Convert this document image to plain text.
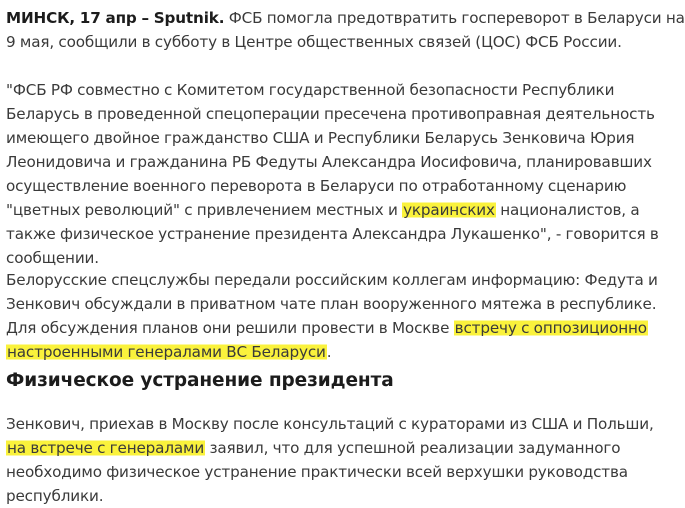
МИНСК, 17 апр – Sputnik. ФСБ помогла предотвратить госпереворот в Беларуси на
9 мая, сообщили в субботу в Центре общественных связей (ЦОС) ФСБ России.

"ФСБ РФ совместно с Комитетом государственной безопасности Республики
Беларусь в проведенной спецоперации пресечена противоправная деятельность
имеющего двойное гражданство США и Республики Беларусь Зенковича Юрия
Леонидовича и гражданина РБ Федуты Александра Иосифовича, планировавших
осуществление военного переворота в Беларуси по отработанному сценарию
"цветных революций" с привлечением местных и украинских националистов, а
также физическое устранение президента Александра Лукашенко", - говорится в
сообщении.

Белорусские спецслужбы передали российским коллегам информацию: Федута и
Зенкович обсуждали в приватном чате план вооруженного мятежа в республике.
Для обсуждения планов они решили провести в Москве встречу с оппозиционно
настроенными генералами ВС Беларуси.

Физическое устранение президента

Зенкович, приехав в Москву после консультаций с кураторами из США и Польши,
на встрече с генералами заявил, что для успешной реализации задуманного
необходимо физическое устранение практически всей верхушки руководства
республики.
